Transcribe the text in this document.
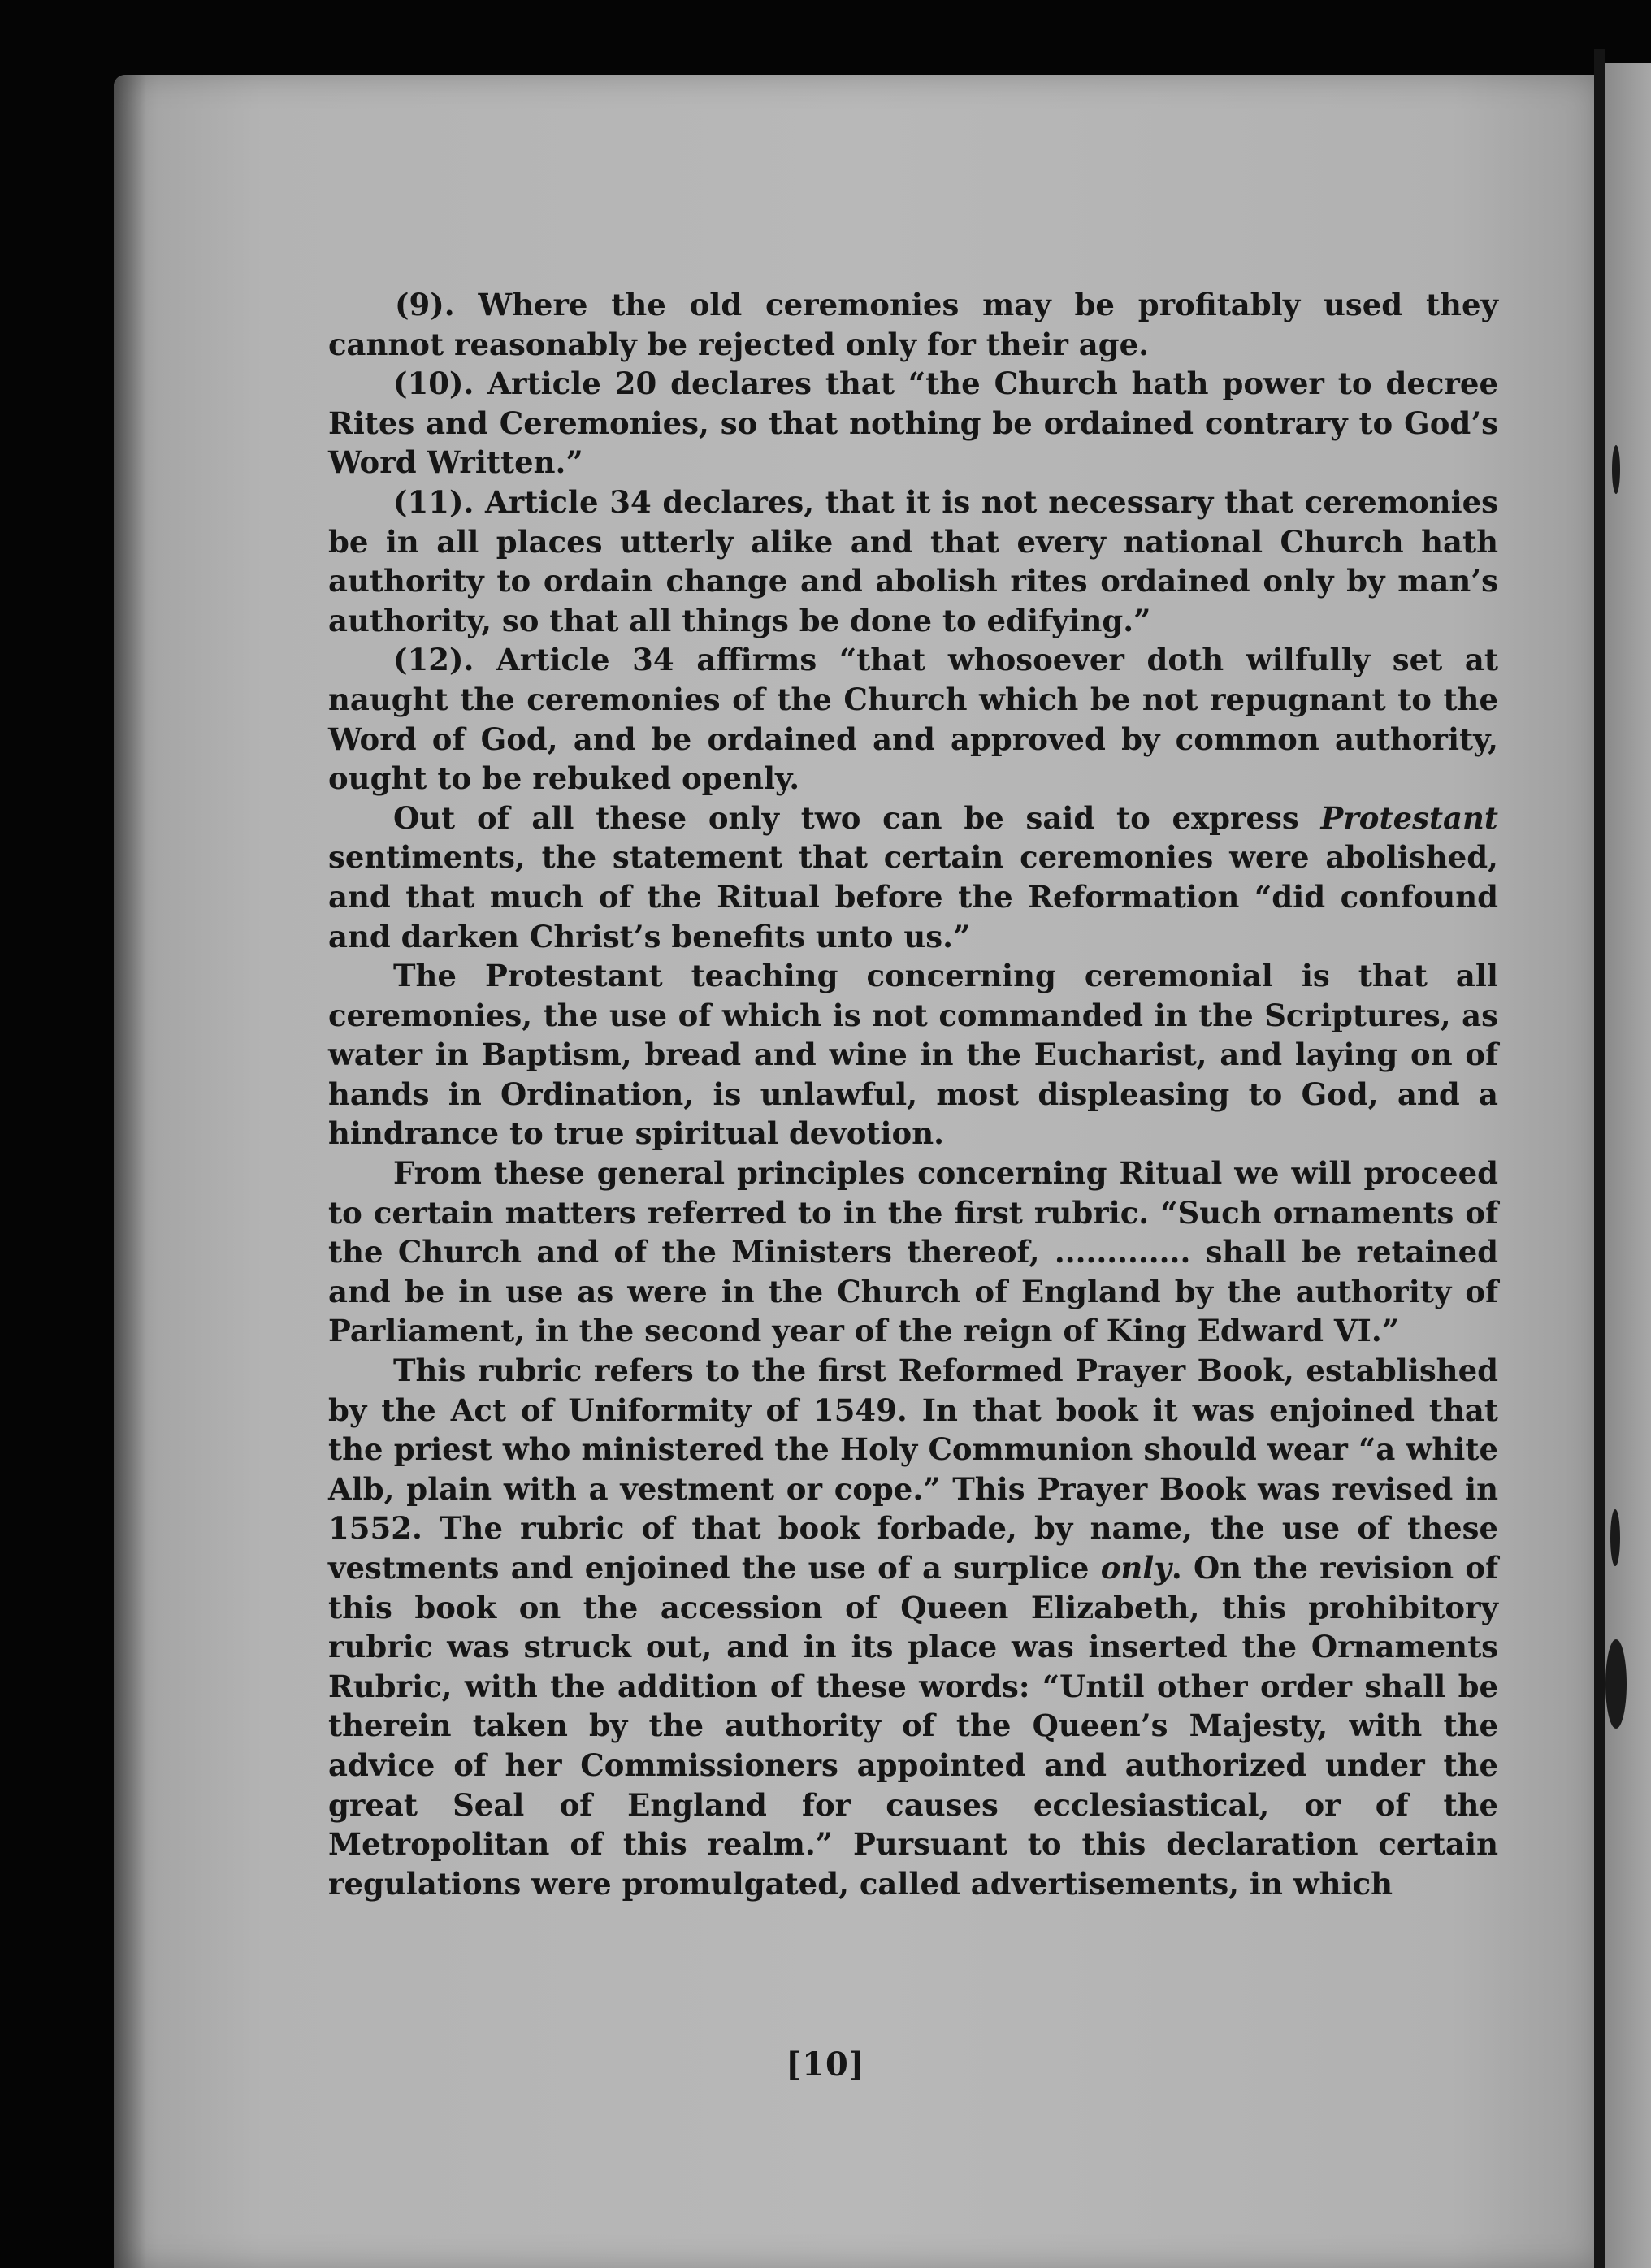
(9). Where the old ceremonies may be profitably used they cannot reasonably be rejected only for their age.

(10). Article 20 declares that “the Church hath power to decree Rites and Ceremonies, so that nothing be ordained contrary to God’s Word Written.”

(11). Article 34 declares, that it is not necessary that ceremonies be in all places utterly alike and that every national Church hath authority to ordain change and abolish rites ordained only by man’s authority, so that all things be done to edifying.”

(12). Article 34 affirms “that whosoever doth wilfully set at naught the ceremonies of the Church which be not repugnant to the Word of God, and be ordained and approved by common authority, ought to be rebuked openly.

Out of all these only two can be said to express Protestant sentiments, the statement that certain ceremonies were abolished, and that much of the Ritual before the Reformation “did confound and darken Christ’s benefits unto us.”

The Protestant teaching concerning ceremonial is that all ceremonies, the use of which is not commanded in the Scriptures, as water in Baptism, bread and wine in the Eucharist, and laying on of hands in Ordination, is unlawful, most displeasing to God, and a hindrance to true spiritual devotion.

From these general principles concerning Ritual we will proceed to certain matters referred to in the first rubric. “Such ornaments of the Church and of the Ministers thereof, ............. shall be retained and be in use as were in the Church of England by the authority of Parliament, in the second year of the reign of King Edward VI.”

This rubric refers to the first Reformed Prayer Book, established by the Act of Uniformity of 1549. In that book it was enjoined that the priest who ministered the Holy Communion should wear “a white Alb, plain with a vestment or cope.” This Prayer Book was revised in 1552. The rubric of that book forbade, by name, the use of these vestments and enjoined the use of a surplice only. On the revision of this book on the accession of Queen Elizabeth, this prohibitory rubric was struck out, and in its place was inserted the Ornaments Rubric, with the addition of these words: “Until other order shall be therein taken by the authority of the Queen’s Majesty, with the advice of her Commissioners appointed and authorized under the great Seal of England for causes ecclesiastical, or of the Metropolitan of this realm.” Pursuant to this declaration certain regulations were promulgated, called advertisements, in which

[10]
